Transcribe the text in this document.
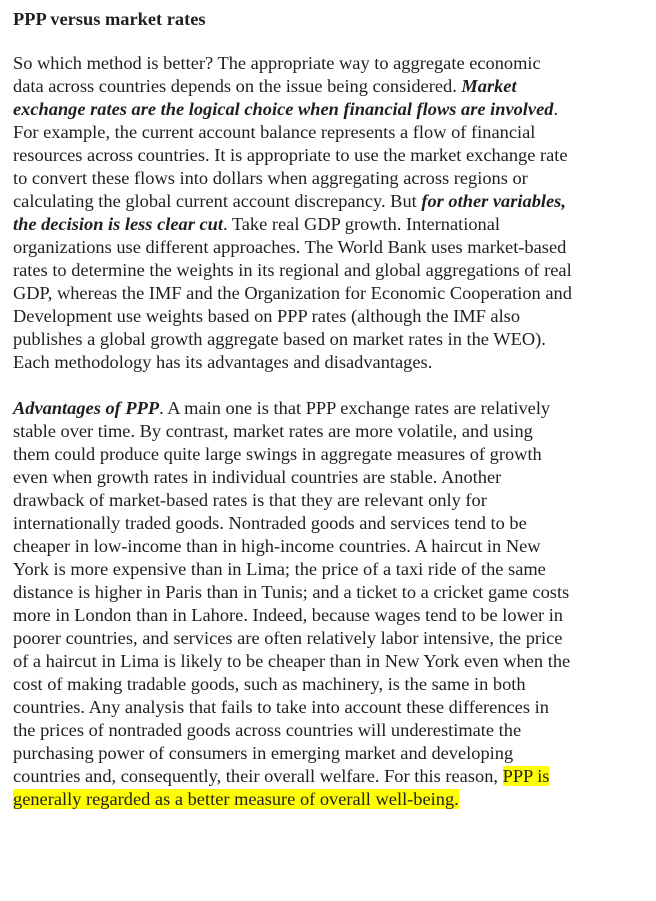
PPP versus market rates

So which method is better? The appropriate way to aggregate economic data across countries depends on the issue being considered. Market exchange rates are the logical choice when financial flows are involved. For example, the current account balance represents a flow of financial resources across countries. It is appropriate to use the market exchange rate to convert these flows into dollars when aggregating across regions or calculating the global current account discrepancy. But for other variables, the decision is less clear cut. Take real GDP growth. International organizations use different approaches. The World Bank uses market-based rates to determine the weights in its regional and global aggregations of real GDP, whereas the IMF and the Organization for Economic Cooperation and Development use weights based on PPP rates (although the IMF also publishes a global growth aggregate based on market rates in the WEO). Each methodology has its advantages and disadvantages.

Advantages of PPP. A main one is that PPP exchange rates are relatively stable over time. By contrast, market rates are more volatile, and using them could produce quite large swings in aggregate measures of growth even when growth rates in individual countries are stable. Another drawback of market-based rates is that they are relevant only for internationally traded goods. Nontraded goods and services tend to be cheaper in low-income than in high-income countries. A haircut in New York is more expensive than in Lima; the price of a taxi ride of the same distance is higher in Paris than in Tunis; and a ticket to a cricket game costs more in London than in Lahore. Indeed, because wages tend to be lower in poorer countries, and services are often relatively labor intensive, the price of a haircut in Lima is likely to be cheaper than in New York even when the cost of making tradable goods, such as machinery, is the same in both countries. Any analysis that fails to take into account these differences in the prices of nontraded goods across countries will underestimate the purchasing power of consumers in emerging market and developing countries and, consequently, their overall welfare. For this reason, PPP is generally regarded as a better measure of overall well-being.
